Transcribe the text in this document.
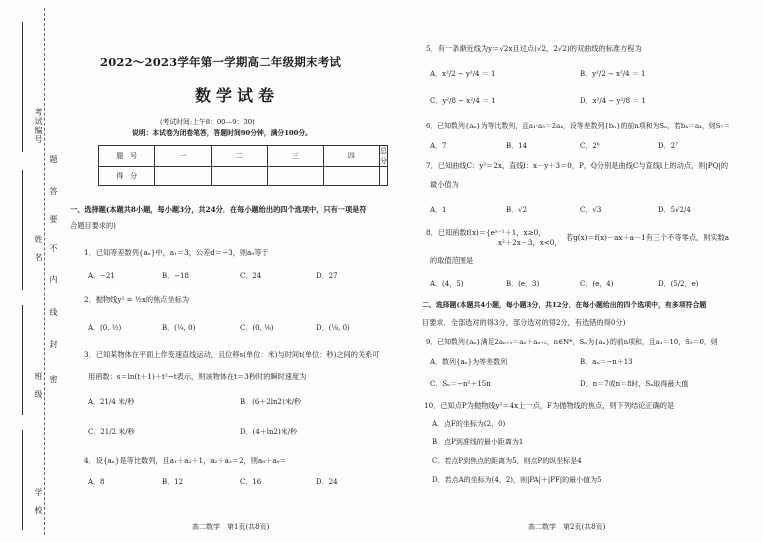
考试编号
姓　名
班　级
学　校
题
答
要
不
内
线
封
密
2022～2023学年第一学期高二年级期末考试
数学试卷
(考试时间:上午8：00—9：30)
说明：本试卷为闭卷笔答，答题时间90分钟，满分100分。
题　号	一	二	三	四	总 分
得　分					
一、选择题(本题共8小题，每小题3分，共24分．在每小题给出的四个选项中，只有一项是符
合题目要求的)
1．已知等差数列{aₙ}中，a₁＝3，公差d＝−3，则a₈等于
A．−21	B．−18	C．24	D．27
2．抛物线y² = ½x的焦点坐标为
A．(0, ½)	B．(¼, 0)	C．(0, ⅛)	D．(⅛, 0)
3．已知某物体在平面上作变速直线运动，且位移s(单位：米)与时间t(单位：秒)之间的关系可
用函数：s＝ln(t＋1)＋t²−t表示，则该物体在t＝3秒时的瞬时速度为
A．21/4 米/秒	B．(6＋2ln2)米/秒
C．21/2 米/秒	D．(4＋ln2)米/秒
4．设{aₙ}是等比数列，且a₁＋a₂＋1，a₂＋a₃＝2，则a₈＋a₉＝
A．8	B．12	C．16	D．24
高二数学　第1页(共8页)
5．有一条渐近线为y＝√2x且过点(√2，2√2)的双曲线的标准方程为
A．x²/2 − y²/4 ＝ 1	B．y²/2 − x²/4 ＝ 1
C．y²/8 − x²/4 ＝ 1	D．x²/4 − y²/8 ＝ 1
6．已知数列{aₙ}为等比数列，且a₁·a₅＝2a₄，设等差数列{bₙ}的前n项和为Sₙ，若b₄＝a₄，则S₇＝
A．7	B．14	C．2⁶	D．2⁷
7．已知曲线C：y²＝2x，直线l：x－y＋3＝0，P，Q分别是曲线C与直线l上的动点，则|PQ|的
最小值为
A．1	B．√2	C．√3	D．5√2/4
8．已知函数f(x)＝{eˣ⁻¹＋1，x≥0，
x²＋2x－3，x<0，
若g(x)＝f(x)－ax＋a－1有三个不等零点，则实数a
的取值范围是
A．(4，5)	B．(e，3)	C．(e，4)	D．(5/2，e)
二、选择题(本题共4小题，每小题3分，共12分．在每小题给出的四个选项中，有多项符合题
目要求．全部选对的得3分，部分选对的得2分，有选错的得0分)
9．已知数列{aₙ}满足2aₙ₊₁＝aₙ＋aₙ₊₂，n∈N*，Sₙ为{aₙ}的前n项和，且a₁＝10，S₃＝0，则
A．数列{aₙ}为等差数列	B．aₙ＝−n＋13
C．Sₙ＝−n²＋15n	D．n＝7或n＝8时，Sₙ取得最大值
10．已知点P为抛物线y²＝4x上一点，F为抛物线的焦点，则下列结论正确的是
A．点F的坐标为(2，0)
B．点P到准线的最小距离为1
C．若点P到焦点的距离为5，则点P的纵坐标是4
D．若点A的坐标为(4，2)，则|PA|＋|PF|的最小值为5
高二数学　第2页(共8页)
